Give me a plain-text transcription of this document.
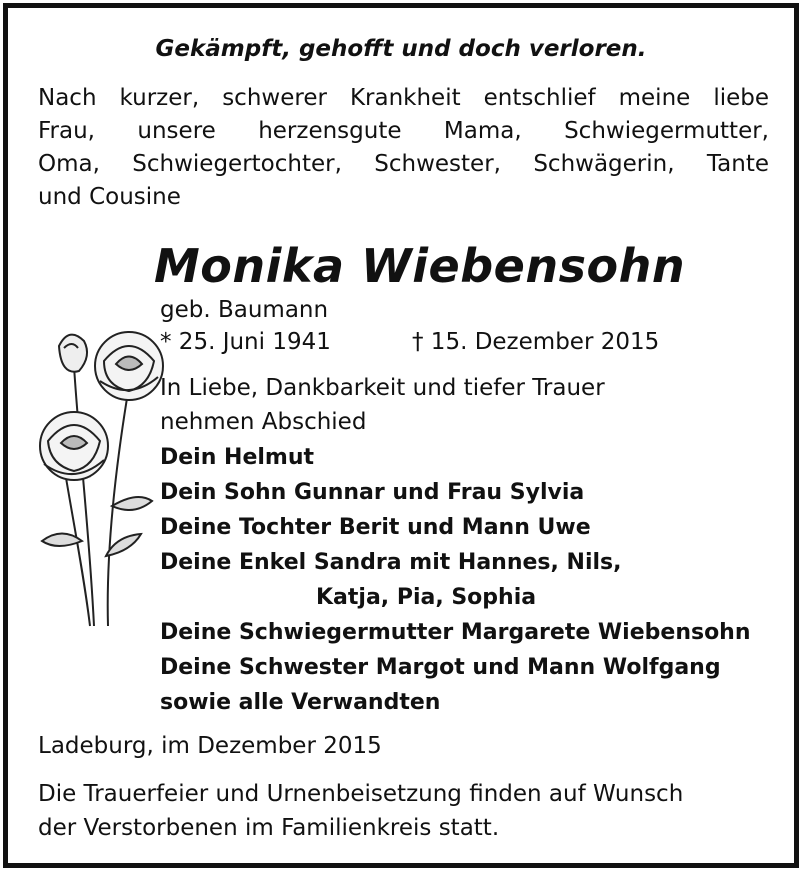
Gekämpft, gehofft und doch verloren.
Nach kurzer, schwerer Krankheit entschlief meine liebe
Frau, unsere herzensgute Mama, Schwiegermutter,
Oma, Schwiegertochter, Schwester, Schwägerin, Tante
und Cousine
Monika Wiebensohn
geb. Baumann
* 25. Juni 1941	† 15. Dezember 2015
In Liebe, Dankbarkeit und tiefer Trauer
nehmen Abschied
Dein Helmut
Dein Sohn Gunnar und Frau Sylvia
Deine Tochter Berit und Mann Uwe
Deine Enkel Sandra mit Hannes, Nils,
Katja, Pia, Sophia
Deine Schwiegermutter Margarete Wiebensohn
Deine Schwester Margot und Mann Wolfgang
sowie alle Verwandten
Ladeburg, im Dezember 2015
Die Trauerfeier und Urnenbeisetzung finden auf Wunsch
der Verstorbenen im Familienkreis statt.
